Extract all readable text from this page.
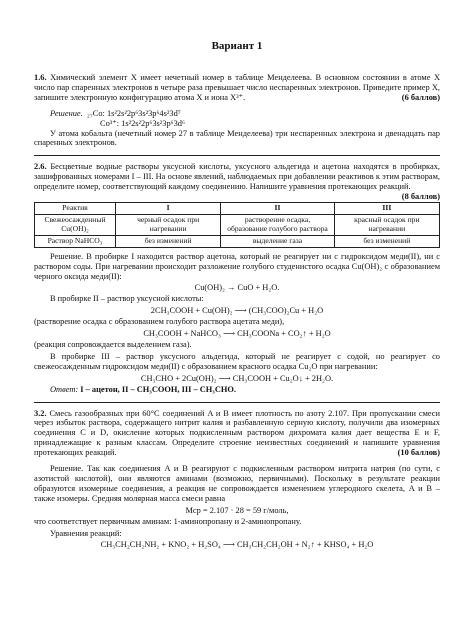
Вариант 1

1.6. Химический элемент X имеет нечетный номер в таблице Менделеева. В основном состоянии в атоме X число пар спаренных электронов в четыре раза превышает число неспаренных электронов. Приведите пример X, запишите электронную конфигурацию атома X и иона X³⁺.	(6 баллов)

Решение. ₂₇Co: 1s²2s²2p⁶3s²3p⁶4s²3d⁷
Co³⁺: 1s²2s²2p⁶3s²3p⁶3d⁶

У атома кобальта (нечетный номер 27 в таблице Менделеева) три неспаренных электрона и двенадцать пар спаренных электронов.

2.6. Бесцветные водные растворы уксусной кислоты, уксусного альдегида и ацетона находятся в пробирках, зашифрованных номерами I – III. На основе явлений, наблюдаемых при добавлении реактивов к этим растворам, определите номер, соответствующий каждому соединению. Напишите уравнения протекающих реакций.
(8 баллов)

Реактив	I	II	III
Свежеосажденный Cu(OH)₂	черный осадок при нагревании	растворение осадка, образование голубого раствора	красный осадок при нагревании
Раствор NaHCO₃	без изменений	выделение газа	без изменений

Решение. В пробирке I находится раствор ацетона, который не реагирует ни с гидроксидом меди(II), ни с раствором соды. При нагревании происходит разложение голубого студенистого осадка Cu(OH)₂ с образованием черного оксида меди(II):

Cu(OH)₂ → CuO + H₂O.

В пробирке II – раствор уксусной кислоты:

2CH₃COOH + Cu(OH)₂ ⟶ (CH₃COO)₂Cu + H₂O

(растворение осадка с образованием голубого раствора ацетата меди),

CH₃COOH + NaHCO₃ ⟶ CH₃COONa + CO₂↑ + H₂O

(реакция сопровождается выделением газа).

В пробирке III – раствор уксусного альдегида, который не реагирует с содой, но реагирует со свежеосажденным гидроксидом меди(II) с образованием красного осадка Cu₂O при нагревании:

CH₃CHO + 2Cu(OH)₂ ⟶ CH₃COOH + Cu₂O↓ + 2H₂O.

Ответ: I – ацетон, II – CH₃COOH, III – CH₃CHO.

3.2. Смесь газообразных при 60°C соединений A и B имеет плотность по азоту 2.107. При пропускании смеси через избыток раствора, содержащего нитрит калия и разбавленную серную кислоту, получили два изомерных соединения C и D, окисление которых подкисленным раствором дихромата калия дает вещества E и F, принадлежащие к разным классам. Определите строение неизвестных соединений и напишите уравнения протекающих реакций.	(10 баллов)

Решение. Так как соединения A и B реагируют с подкисленным раствором нитрита натрия (по сути, с азотистой кислотой), они являются аминами (возможно, первичными). Поскольку в результате реакции образуются изомерные соединения, а реакция не сопровождается изменением углеродного скелета, A и B – также изомеры. Средняя молярная масса смеси равна

Mср = 2.107 · 28 = 59 г/моль,

что соответствует первичным аминам: 1-аминопропану и 2-аминопропану.

Уравнения реакций:

CH₃CH₂CH₂NH₂ + KNO₂ + H₂SO₄ ⟶ CH₃CH₂CH₂OH + N₂↑ + KHSO₄ + H₂O
